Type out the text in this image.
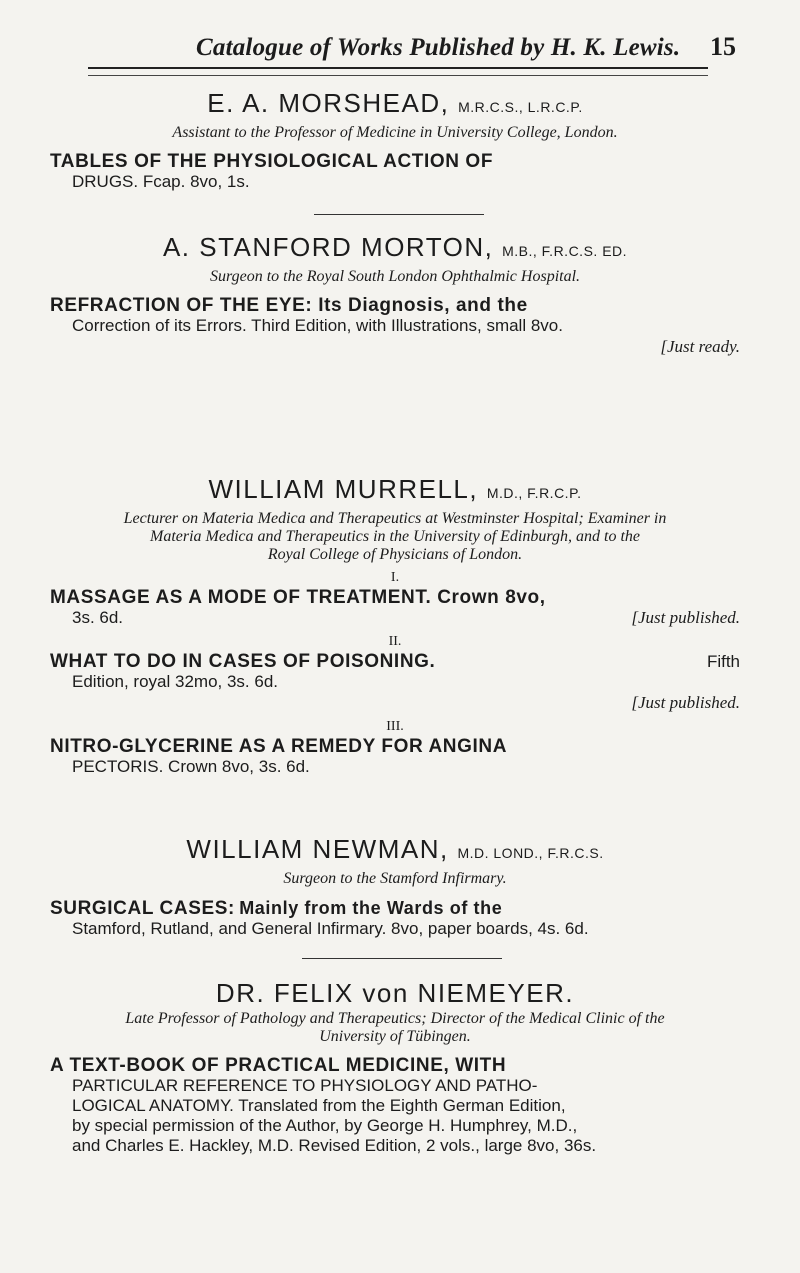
Catalogue of Works Published by H. K. Lewis. 15

E. A. MORSHEAD, M.R.C.S., L.R.C.P.

Assistant to the Professor of Medicine in University College, London.

TABLES OF THE PHYSIOLOGICAL ACTION OF
DRUGS. Fcap. 8vo, 1s.

A. STANFORD MORTON, M.B., F.R.C.S. ED.

Surgeon to the Royal South London Ophthalmic Hospital.

REFRACTION OF THE EYE: Its Diagnosis, and the
Correction of its Errors. Third Edition, with Illustrations, small 8vo.
[Just ready.

WILLIAM MURRELL, M.D., F.R.C.P.

Lecturer on Materia Medica and Therapeutics at Westminster Hospital; Examiner in
Materia Medica and Therapeutics in the University of Edinburgh, and to the
Royal College of Physicians of London.

I.

MASSAGE AS A MODE OF TREATMENT. Crown 8vo,
3s. 6d.	[Just published.

II.

WHAT TO DO IN CASES OF POISONING.	Fifth
Edition, royal 32mo, 3s. 6d.
[Just published.

III.

NITRO-GLYCERINE AS A REMEDY FOR ANGINA
PECTORIS. Crown 8vo, 3s. 6d.

WILLIAM NEWMAN, M.D. LOND., F.R.C.S.

Surgeon to the Stamford Infirmary.

SURGICAL CASES: Mainly from the Wards of the
Stamford, Rutland, and General Infirmary. 8vo, paper boards, 4s. 6d.

DR. FELIX von NIEMEYER.

Late Professor of Pathology and Therapeutics; Director of the Medical Clinic of the
University of Tübingen.

A TEXT-BOOK OF PRACTICAL MEDICINE, WITH
PARTICULAR REFERENCE TO PHYSIOLOGY AND PATHO-
LOGICAL ANATOMY. Translated from the Eighth German Edition,
by special permission of the Author, by George H. Humphrey, M.D.,
and Charles E. Hackley, M.D. Revised Edition, 2 vols., large 8vo, 36s.
